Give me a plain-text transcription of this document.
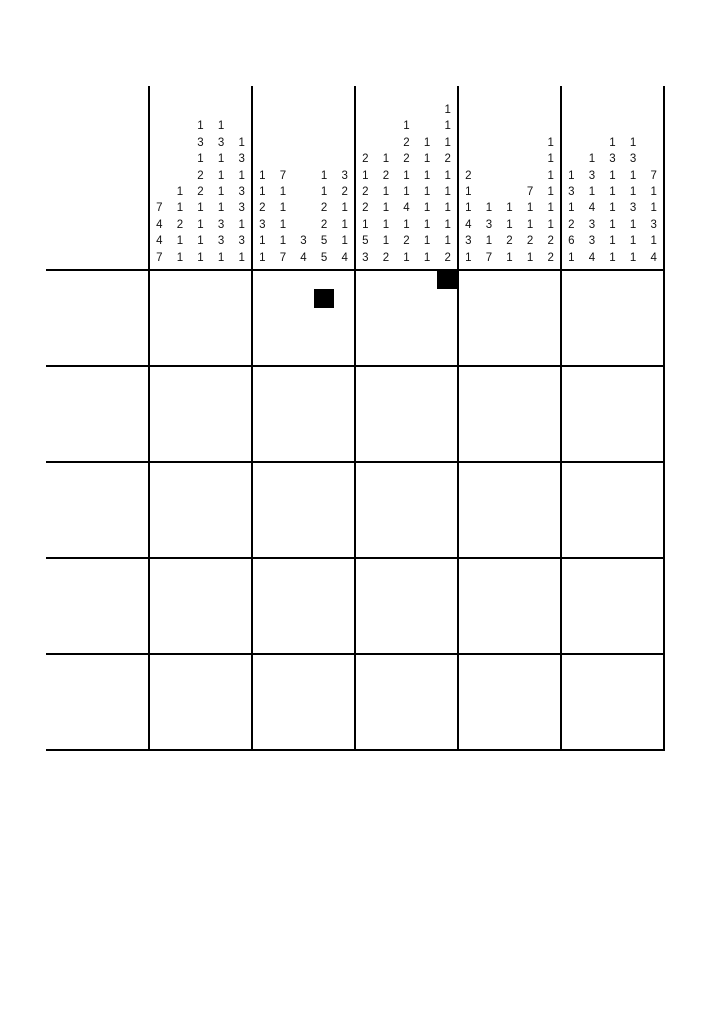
7
4
4
7
1
1
2
1
1
1
3
1
2
2
1
1
1
1
1
3
1
1
1
1
3
3
1
1
3
1
3
3
1
3
1
1
1
2
3
1
1
7
1
1
1
1
7
3
4
1
1
2
2
5
5
3
2
1
1
1
4
2
1
2
2
1
5
3
1
2
1
1
1
1
2
1
2
2
1
1
4
1
2
1
1
1
1
1
1
1
1
1
1
1
1
2
1
1
1
1
1
2
2
1
1
4
3
1
1
3
1
7
1
1
2
1
7
1
1
2
1
1
1
1
1
1
1
2
2
1
3
1
2
6
1
1
3
1
4
3
3
4
1
3
1
1
1
1
1
1
1
3
1
1
3
1
1
1
7
1
1
3
1
4
